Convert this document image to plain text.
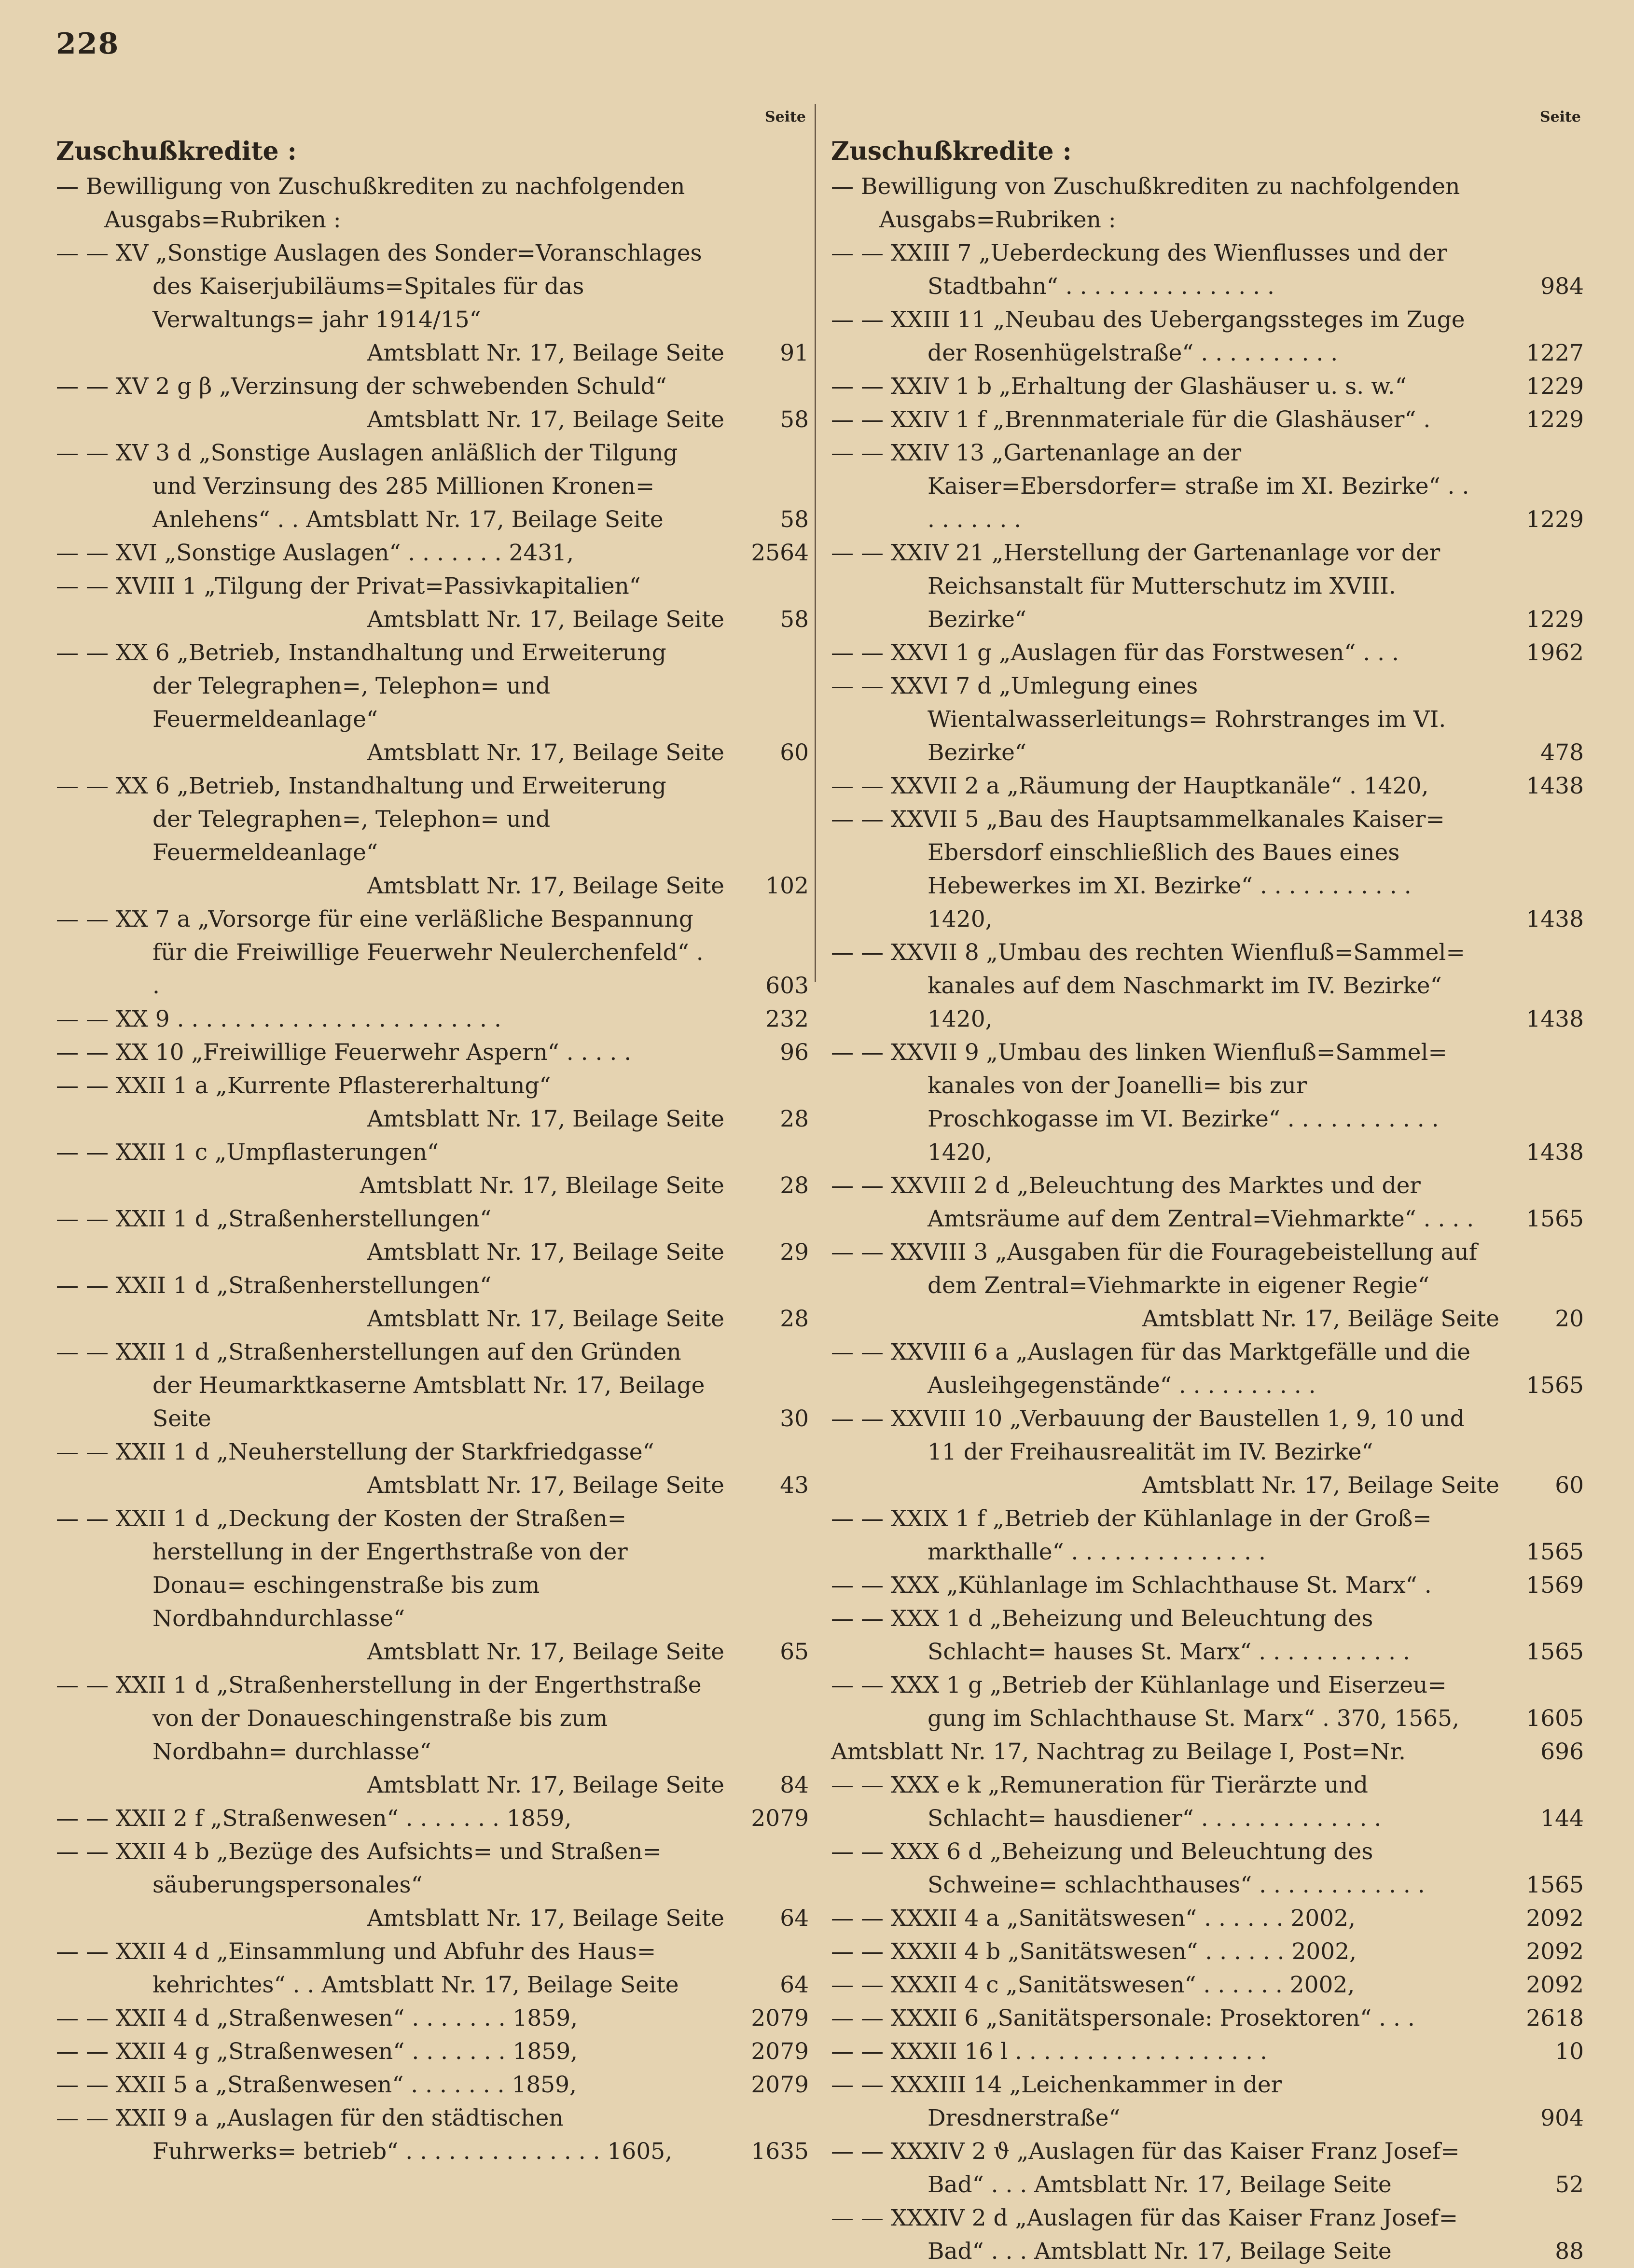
228
Seite
Zuschußkredite :
— Bewilligung von Zuschußkrediten zu nachfolgenden Ausgabs=Rubriken :
— — XV „Sonstige Auslagen des Sonder=Voranschlages des Kaiserjubiläums=Spitales für das Verwaltungs= jahr 1914/15“
Amtsblatt Nr. 17, Beilage Seite 91
— — XV 2 g β „Verzinsung der schwebenden Schuld“
Amtsblatt Nr. 17, Beilage Seite 58
— — XV 3 d „Sonstige Auslagen anläßlich der Tilgung und Verzinsung des 285 Millionen Kronen= Anlehens“ . . Amtsblatt Nr. 17, Beilage Seite	58
— — XVI „Sonstige Auslagen“ . . . . . . . 2431,	2564
— — XVIII 1 „Tilgung der Privat=Passivkapitalien“
Amtsblatt Nr. 17, Beilage Seite 58
— — XX 6 „Betrieb, Instandhaltung und Erweiterung der Telegraphen=, Telephon= und Feuermeldeanlage“
Amtsblatt Nr. 17, Beilage Seite 60
— — XX 6 „Betrieb, Instandhaltung und Erweiterung der Telegraphen=, Telephon= und Feuermeldeanlage“
Amtsblatt Nr. 17, Beilage Seite 102
— — XX 7 a „Vorsorge für eine verläßliche Bespannung für die Freiwillige Feuerwehr Neulerchenfeld“ . .	603
— — XX 9 . . . . . . . . . . . . . . . . . . . . . . .	232
— — XX 10 „Freiwillige Feuerwehr Aspern“ . . . . .	96
— — XXII 1 a „Kurrente Pflastererhaltung“
Amtsblatt Nr. 17, Beilage Seite 28
— — XXII 1 c „Umpflasterungen“
Amtsblatt Nr. 17, Bleilage Seite 28
— — XXII 1 d „Straßenherstellungen“
Amtsblatt Nr. 17, Beilage Seite 29
— — XXII 1 d „Straßenherstellungen“
Amtsblatt Nr. 17, Beilage Seite 28
— — XXII 1 d „Straßenherstellungen auf den Gründen der Heumarktkaserne Amtsblatt Nr. 17, Beilage Seite	30
— — XXII 1 d „Neuherstellung der Starkfriedgasse“
Amtsblatt Nr. 17, Beilage Seite 43
— — XXII 1 d „Deckung der Kosten der Straßen= herstellung in der Engerthstraße von der Donau= eschingenstraße bis zum Nordbahndurchlasse“
Amtsblatt Nr. 17, Beilage Seite 65
— — XXII 1 d „Straßenherstellung in der Engerthstraße von der Donaueschingenstraße bis zum Nordbahn= durchlasse“
Amtsblatt Nr. 17, Beilage Seite 84
— — XXII 2 f „Straßenwesen“ . . . . . . . 1859,	2079
— — XXII 4 b „Bezüge des Aufsichts= und Straßen= säuberungspersonales“
Amtsblatt Nr. 17, Beilage Seite 64
— — XXII 4 d „Einsammlung und Abfuhr des Haus= kehrichtes“ . . Amtsblatt Nr. 17, Beilage Seite	64
— — XXII 4 d „Straßenwesen“ . . . . . . . 1859,	2079
— — XXII 4 g „Straßenwesen“ . . . . . . . 1859,	2079
— — XXII 5 a „Straßenwesen“ . . . . . . . 1859,	2079
— — XXII 9 a „Auslagen für den städtischen Fuhrwerks= betrieb“ . . . . . . . . . . . . . . 1605,	1635
Seite
Zuschußkredite :
— Bewilligung von Zuschußkrediten zu nachfolgenden Ausgabs=Rubriken :
— — XXIII 7 „Ueberdeckung des Wienflusses und der Stadtbahn“ . . . . . . . . . . . . . . .	984
— — XXIII 11 „Neubau des Uebergangssteges im Zuge der Rosenhügelstraße“ . . . . . . . . . .	1227
— — XXIV 1 b „Erhaltung der Glashäuser u. s. w.“	1229
— — XXIV 1 f „Brennmateriale für die Glashäuser“ .	1229
— — XXIV 13 „Gartenanlage an der Kaiser=Ebersdorfer= straße im XI. Bezirke“ . . . . . . . . .	1229
— — XXIV 21 „Herstellung der Gartenanlage vor der Reichsanstalt für Mutterschutz im XVIII. Bezirke“	1229
— — XXVI 1 g „Auslagen für das Forstwesen“ . . .	1962
— — XXVI 7 d „Umlegung eines Wientalwasserleitungs= Rohrstranges im VI. Bezirke“	478
— — XXVII 2 a „Räumung der Hauptkanäle“ . 1420,	1438
— — XXVII 5 „Bau des Hauptsammelkanales Kaiser= Ebersdorf einschließlich des Baues eines Hebewerkes im XI. Bezirke“ . . . . . . . . . . . 1420,	1438
— — XXVII 8 „Umbau des rechten Wienfluß=Sammel= kanales auf dem Naschmarkt im IV. Bezirke“ 1420,	1438
— — XXVII 9 „Umbau des linken Wienfluß=Sammel= kanales von der Joanelli= bis zur Proschkogasse im VI. Bezirke“ . . . . . . . . . . . 1420,	1438
— — XXVIII 2 d „Beleuchtung des Marktes und der Amtsräume auf dem Zentral=Viehmarkte“ . . . . 1565
— — XXVIII 3 „Ausgaben für die Fouragebeistellung auf dem Zentral=Viehmarkte in eigener Regie“
Amtsblatt Nr. 17, Beiläge Seite 20
— — XXVIII 6 a „Auslagen für das Marktgefälle und die Ausleihgegenstände“ . . . . . . . . . .	1565
— — XXVIII 10 „Verbauung der Baustellen 1, 9, 10 und 11 der Freihausrealität im IV. Bezirke“
Amtsblatt Nr. 17, Beilage Seite 60
— — XXIX 1 f „Betrieb der Kühlanlage in der Groß= markthalle“ . . . . . . . . . . . . . .	1565
— — XXX „Kühlanlage im Schlachthause St. Marx“ .	1569
— — XXX 1 d „Beheizung und Beleuchtung des Schlacht= hauses St. Marx“ . . . . . . . . . . .	1565
— — XXX 1 g „Betrieb der Kühlanlage und Eiserzeu= gung im Schlachthause St. Marx“ . 370, 1565,	1605
Amtsblatt Nr. 17, Nachtrag zu Beilage I, Post=Nr.	696
— — XXX e k „Remuneration für Tierärzte und Schlacht= hausdiener“ . . . . . . . . . . . . .	144
— — XXX 6 d „Beheizung und Beleuchtung des Schweine= schlachthauses“ . . . . . . . . . . . .	1565
— — XXXII 4 a „Sanitätswesen“ . . . . . . 2002,	2092
— — XXXII 4 b „Sanitätswesen“ . . . . . . 2002,	2092
— — XXXII 4 c „Sanitätswesen“ . . . . . . 2002,	2092
— — XXXII 6 „Sanitätspersonale: Prosektoren“ . . .	2618
— — XXXII 16 l . . . . . . . . . . . . . . . . . .	10
— — XXXIII 14 „Leichenkammer in der Dresdnerstraße“	904
— — XXXIV 2 ϑ „Auslagen für das Kaiser Franz Josef= Bad“ . . . Amtsblatt Nr. 17, Beilage Seite	52
— — XXXIV 2 d „Auslagen für das Kaiser Franz Josef= Bad“ . . . Amtsblatt Nr. 17, Beilage Seite	88
